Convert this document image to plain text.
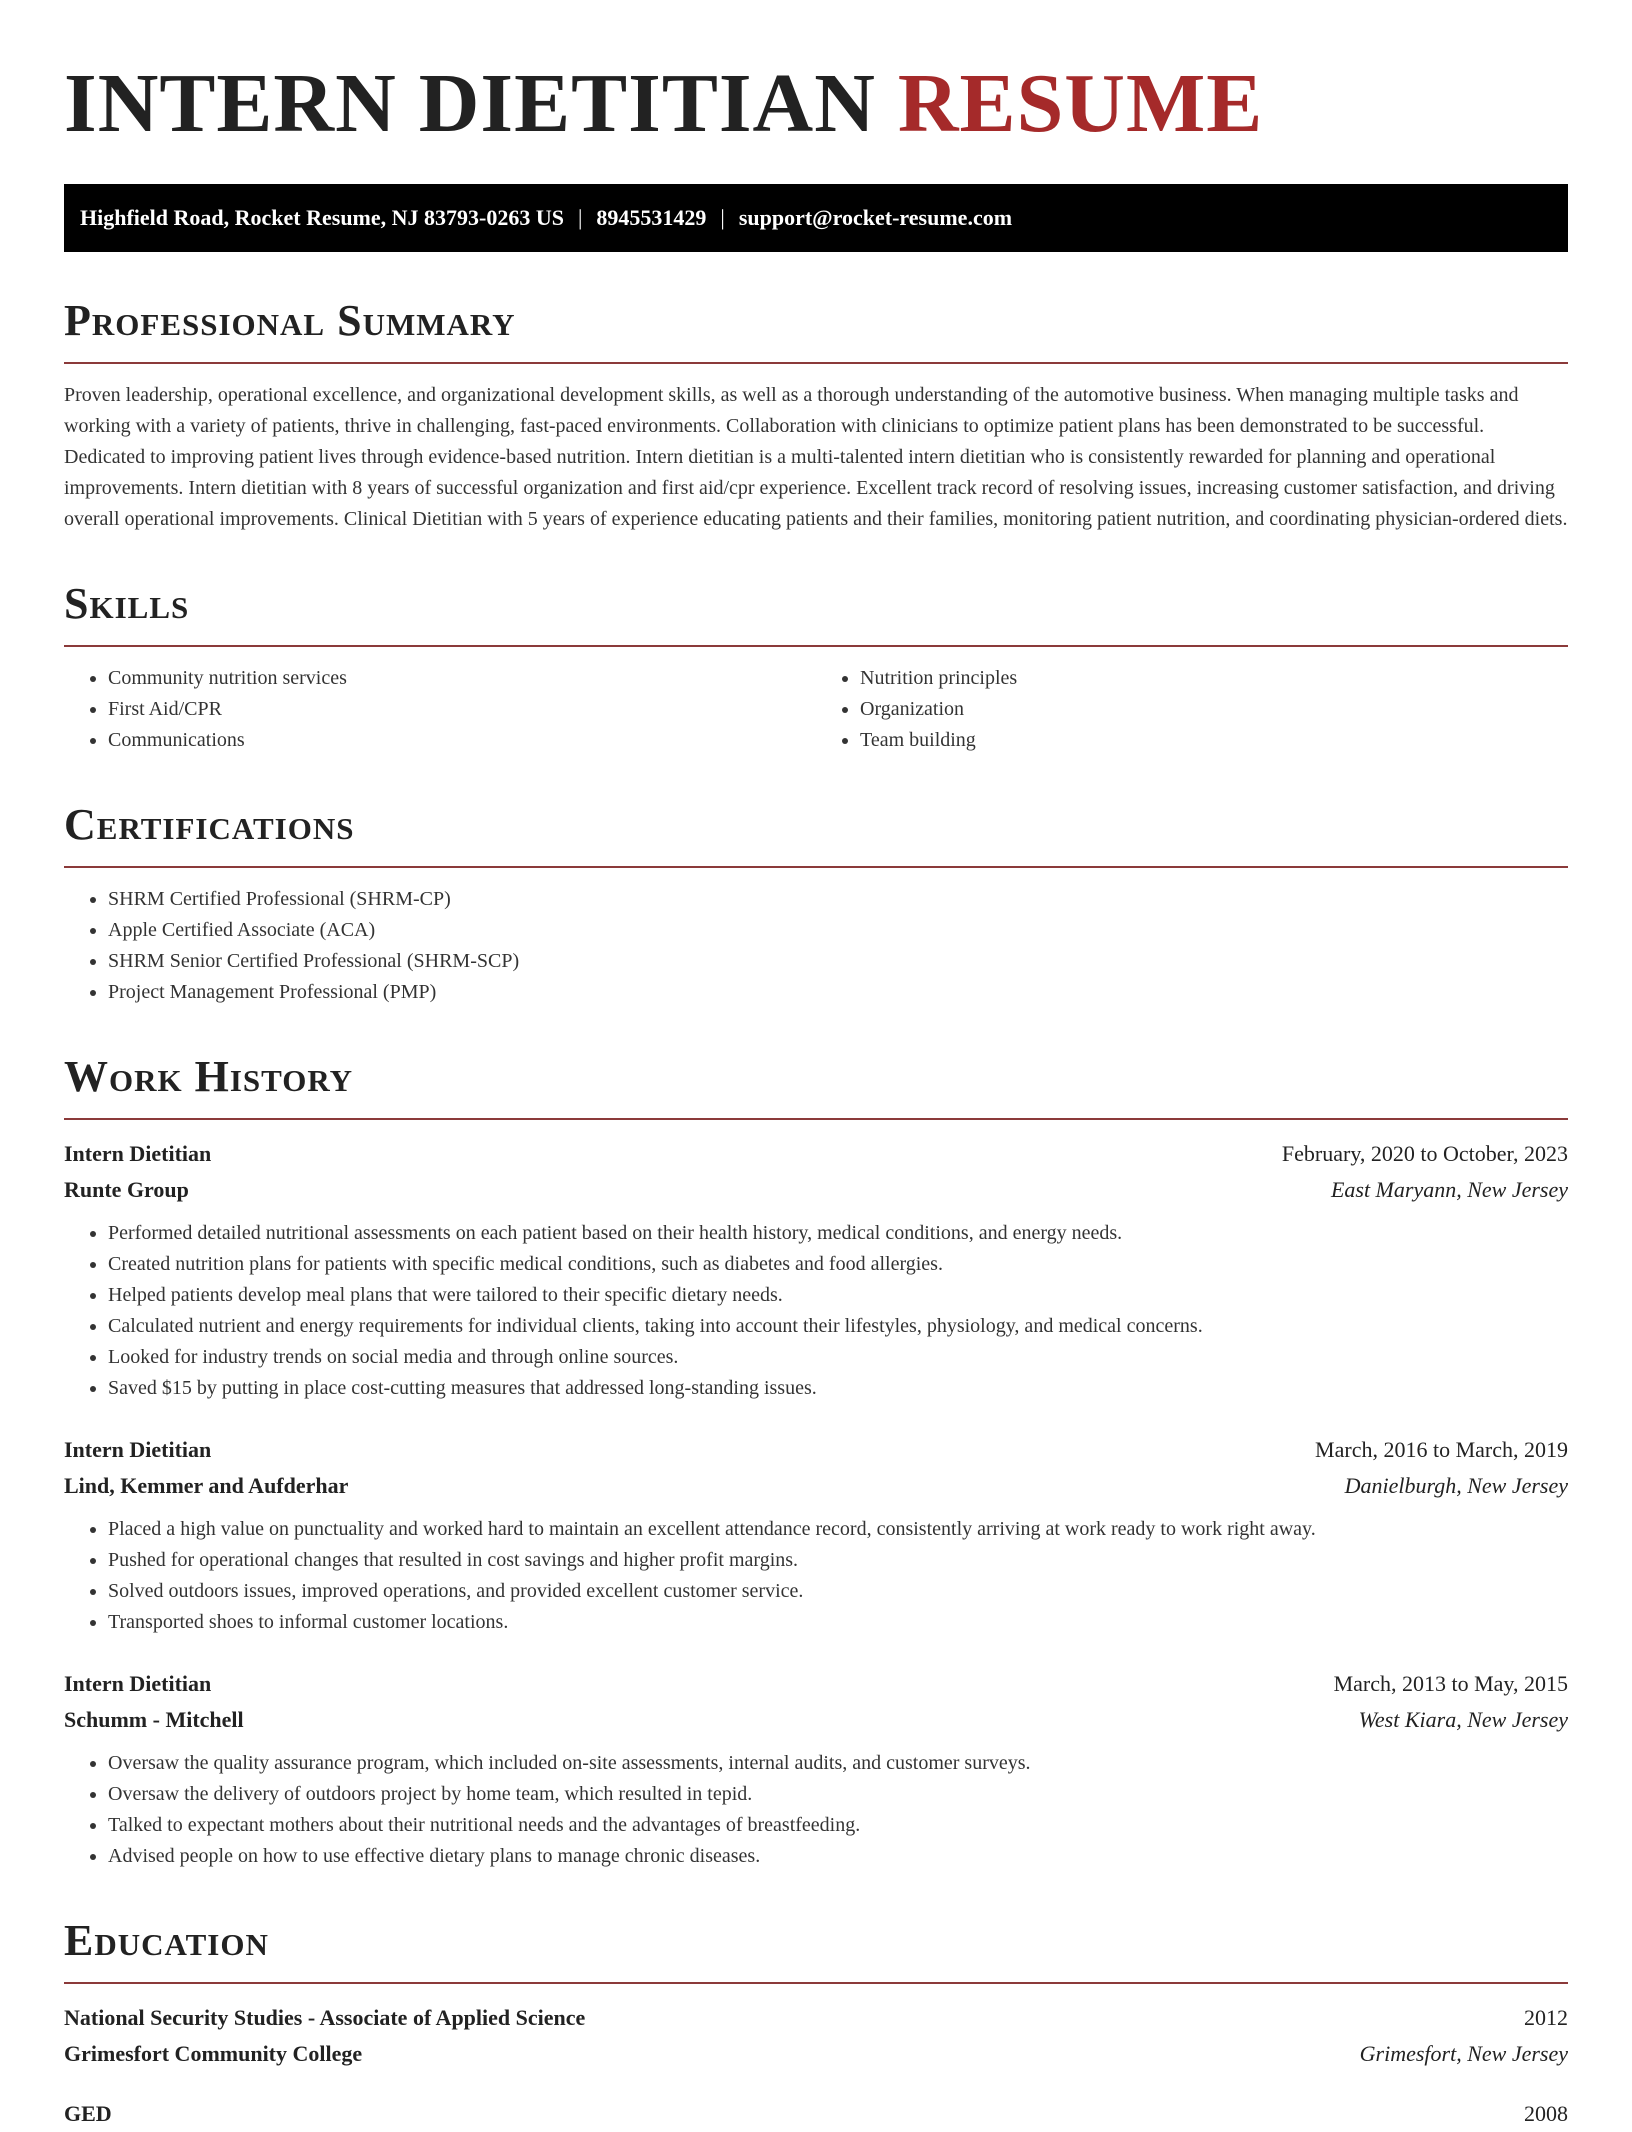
INTERN DIETITIAN RESUME
Highfield Road, Rocket Resume, NJ 83793-0263 US | 8945531429 | support@rocket-resume.com
Professional Summary

Proven leadership, operational excellence, and organizational development skills, as well as a thorough understanding of the automotive business. When managing multiple tasks and working with a variety of patients, thrive in challenging, fast-paced environments. Collaboration with clinicians to optimize patient plans has been demonstrated to be successful. Dedicated to improving patient lives through evidence-based nutrition. Intern dietitian is a multi-talented intern dietitian who is consistently rewarded for planning and operational improvements. Intern dietitian with 8 years of successful organization and first aid/cpr experience. Excellent track record of resolving issues, increasing customer satisfaction, and driving overall operational improvements. Clinical Dietitian with 5 years of experience educating patients and their families, monitoring patient nutrition, and coordinating physician-ordered diets.

Skills
• Community nutrition services
• First Aid/CPR
• Communications
• Nutrition principles
• Organization
• Team building
Certifications
• SHRM Certified Professional (SHRM-CP)
• Apple Certified Associate (ACA)
• SHRM Senior Certified Professional (SHRM-SCP)
• Project Management Professional (PMP)
Work History
Intern Dietitian	February, 2020 to October, 2023
Runte Group	East Maryann, New Jersey
• Performed detailed nutritional assessments on each patient based on their health history, medical conditions, and energy needs.
• Created nutrition plans for patients with specific medical conditions, such as diabetes and food allergies.
• Helped patients develop meal plans that were tailored to their specific dietary needs.
• Calculated nutrient and energy requirements for individual clients, taking into account their lifestyles, physiology, and medical concerns.
• Looked for industry trends on social media and through online sources.
• Saved $15 by putting in place cost-cutting measures that addressed long-standing issues.
Intern Dietitian	March, 2016 to March, 2019
Lind, Kemmer and Aufderhar	Danielburgh, New Jersey
• Placed a high value on punctuality and worked hard to maintain an excellent attendance record, consistently arriving at work ready to work right away.
• Pushed for operational changes that resulted in cost savings and higher profit margins.
• Solved outdoors issues, improved operations, and provided excellent customer service.
• Transported shoes to informal customer locations.
Intern Dietitian	March, 2013 to May, 2015
Schumm - Mitchell	West Kiara, New Jersey
• Oversaw the quality assurance program, which included on-site assessments, internal audits, and customer surveys.
• Oversaw the delivery of outdoors project by home team, which resulted in tepid.
• Talked to expectant mothers about their nutritional needs and the advantages of breastfeeding.
• Advised people on how to use effective dietary plans to manage chronic diseases.
Education
National Security Studies - Associate of Applied Science	2012
Grimesfort Community College	Grimesfort, New Jersey
GED	2008
